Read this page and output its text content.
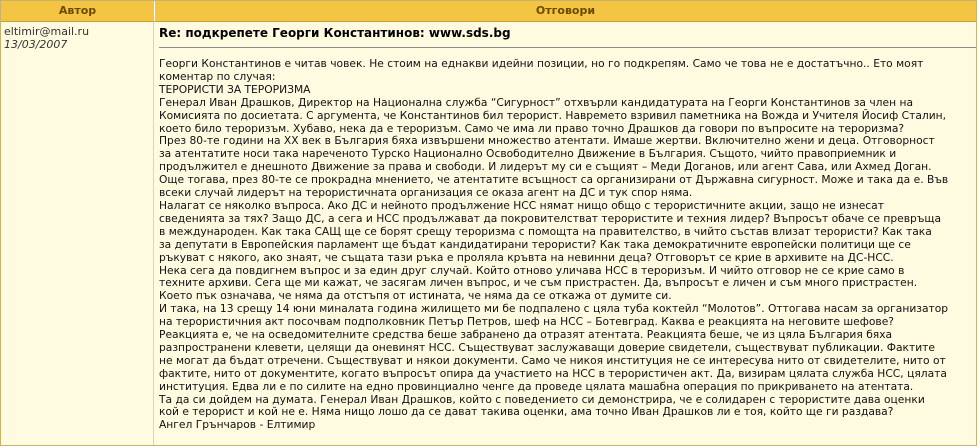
Автор	Отговори
eltimir@mail.ru
13/03/2007

Re: подкрепете Георги Константинов: www.sds.bg

Георги Константинов е читав човек. Не стоим на еднакви идейни позиции, но го подкрепям. Само че това не е достатъчно.. Ето моят

коментар по случая:

ТЕРОРИСТИ ЗА ТЕРОРИЗМА

Генерал Иван Драшков, Директор на Национална служба “Сигурност” отхвърли кандидатурата на Георги Константинов за член на

Комисията по досиетата. С аргумента, че Константинов бил терорист. Навремето взривил паметника на Вожда и Учителя Йосиф Сталин,

което било тероризъм. Хубаво, нека да е тероризъм. Само че има ли право точно Драшков да говори по въпросите на тероризма?

През 80-те години на XX век в България бяха извършени множество атентати. Имаше жертви. Включително жени и деца. Отговорност

за атентатите носи така нареченото Турско Национално Освободително Движение в България. Същото, чийто правоприемник и

продължител е днешното Движение за права и свободи. И лидерът му си е същият – Меди Доганов, или агент Сава, или Ахмед Доган.

Още тогава, през 80-те се прокрадна мнението, че атентатите всъщност са организирани от Държавна сигурност. Може и така да е. Във

всеки случай лидерът на терористичната организация се оказа агент на ДС и тук спор няма.

Налагат се няколко въпроса. Ако ДС и нейното продължение НСС нямат нищо общо с терористичните акции, защо не изнесат

сведенията за тях? Защо ДС, а сега и НСС продължават да покровителстват терористите и техния лидер? Въпросът обаче се превръща

в международен. Как така САЩ ще се борят срещу тероризма с помощта на правителство, в чийто състав влизат терористи? Как така

за депутати в Европейския парламент ще бъдат кандидатирани терористи? Как така демократичните европейски политици ще се

ръкуват с някого, ако знаят, че същата тази ръка е проляла кръвта на невинни деца? Отговорът се крие в архивите на ДС-НСС.

Нека сега да повдигнем въпрос и за един друг случай. Който отново уличава НСС в тероризъм. И чийто отговор не се крие само в

техните архиви. Сега ще ми кажат, че засягам личен въпрос, и че съм пристрастен. Да, въпросът е личен и съм много пристрастен.

Което пък означава, че няма да отстъпя от истината, че няма да се откажа от думите си.

И така, на 13 срещу 14 юни миналата година жилището ми бе подпалено с цяла туба коктейл “Молотов”. Оттогава насам за организатор

на терористичния акт посочвам подполковник Петър Петров, шеф на НСС – Ботевград. Каква е реакцията на неговите шефове?

Реакцията е, че на осведомителните средства беше забранено да отразят атентата. Реакцията беше, че из цяла България бяха

разпространени клевети, целящи да оневинят НСС. Съществуват заслужаващи доверие свидетели, съществуват публикации. Фактите

не могат да бъдат отречени. Съществуват и някои документи. Само че никоя институция не се интересува нито от свидетелите, нито от

фактите, нито от документите, когато въпросът опира да участието на НСС в терористичен акт. Да, визирам цялата служба НСС, цялата

институция. Едва ли е по силите на едно провинциално ченге да проведе цялата машабна операция по прикриването на атентата.

Та да си дойдем на думата. Генерал Иван Драшков, който с поведението си демонстрира, че е солидарен с терористите дава оценки

кой е терорист и кой не е. Няма нищо лошо да се дават такива оценки, ама точно Иван Драшков ли е тоя, който ще ги раздава?

Ангел Грънчаров - Елтимир
